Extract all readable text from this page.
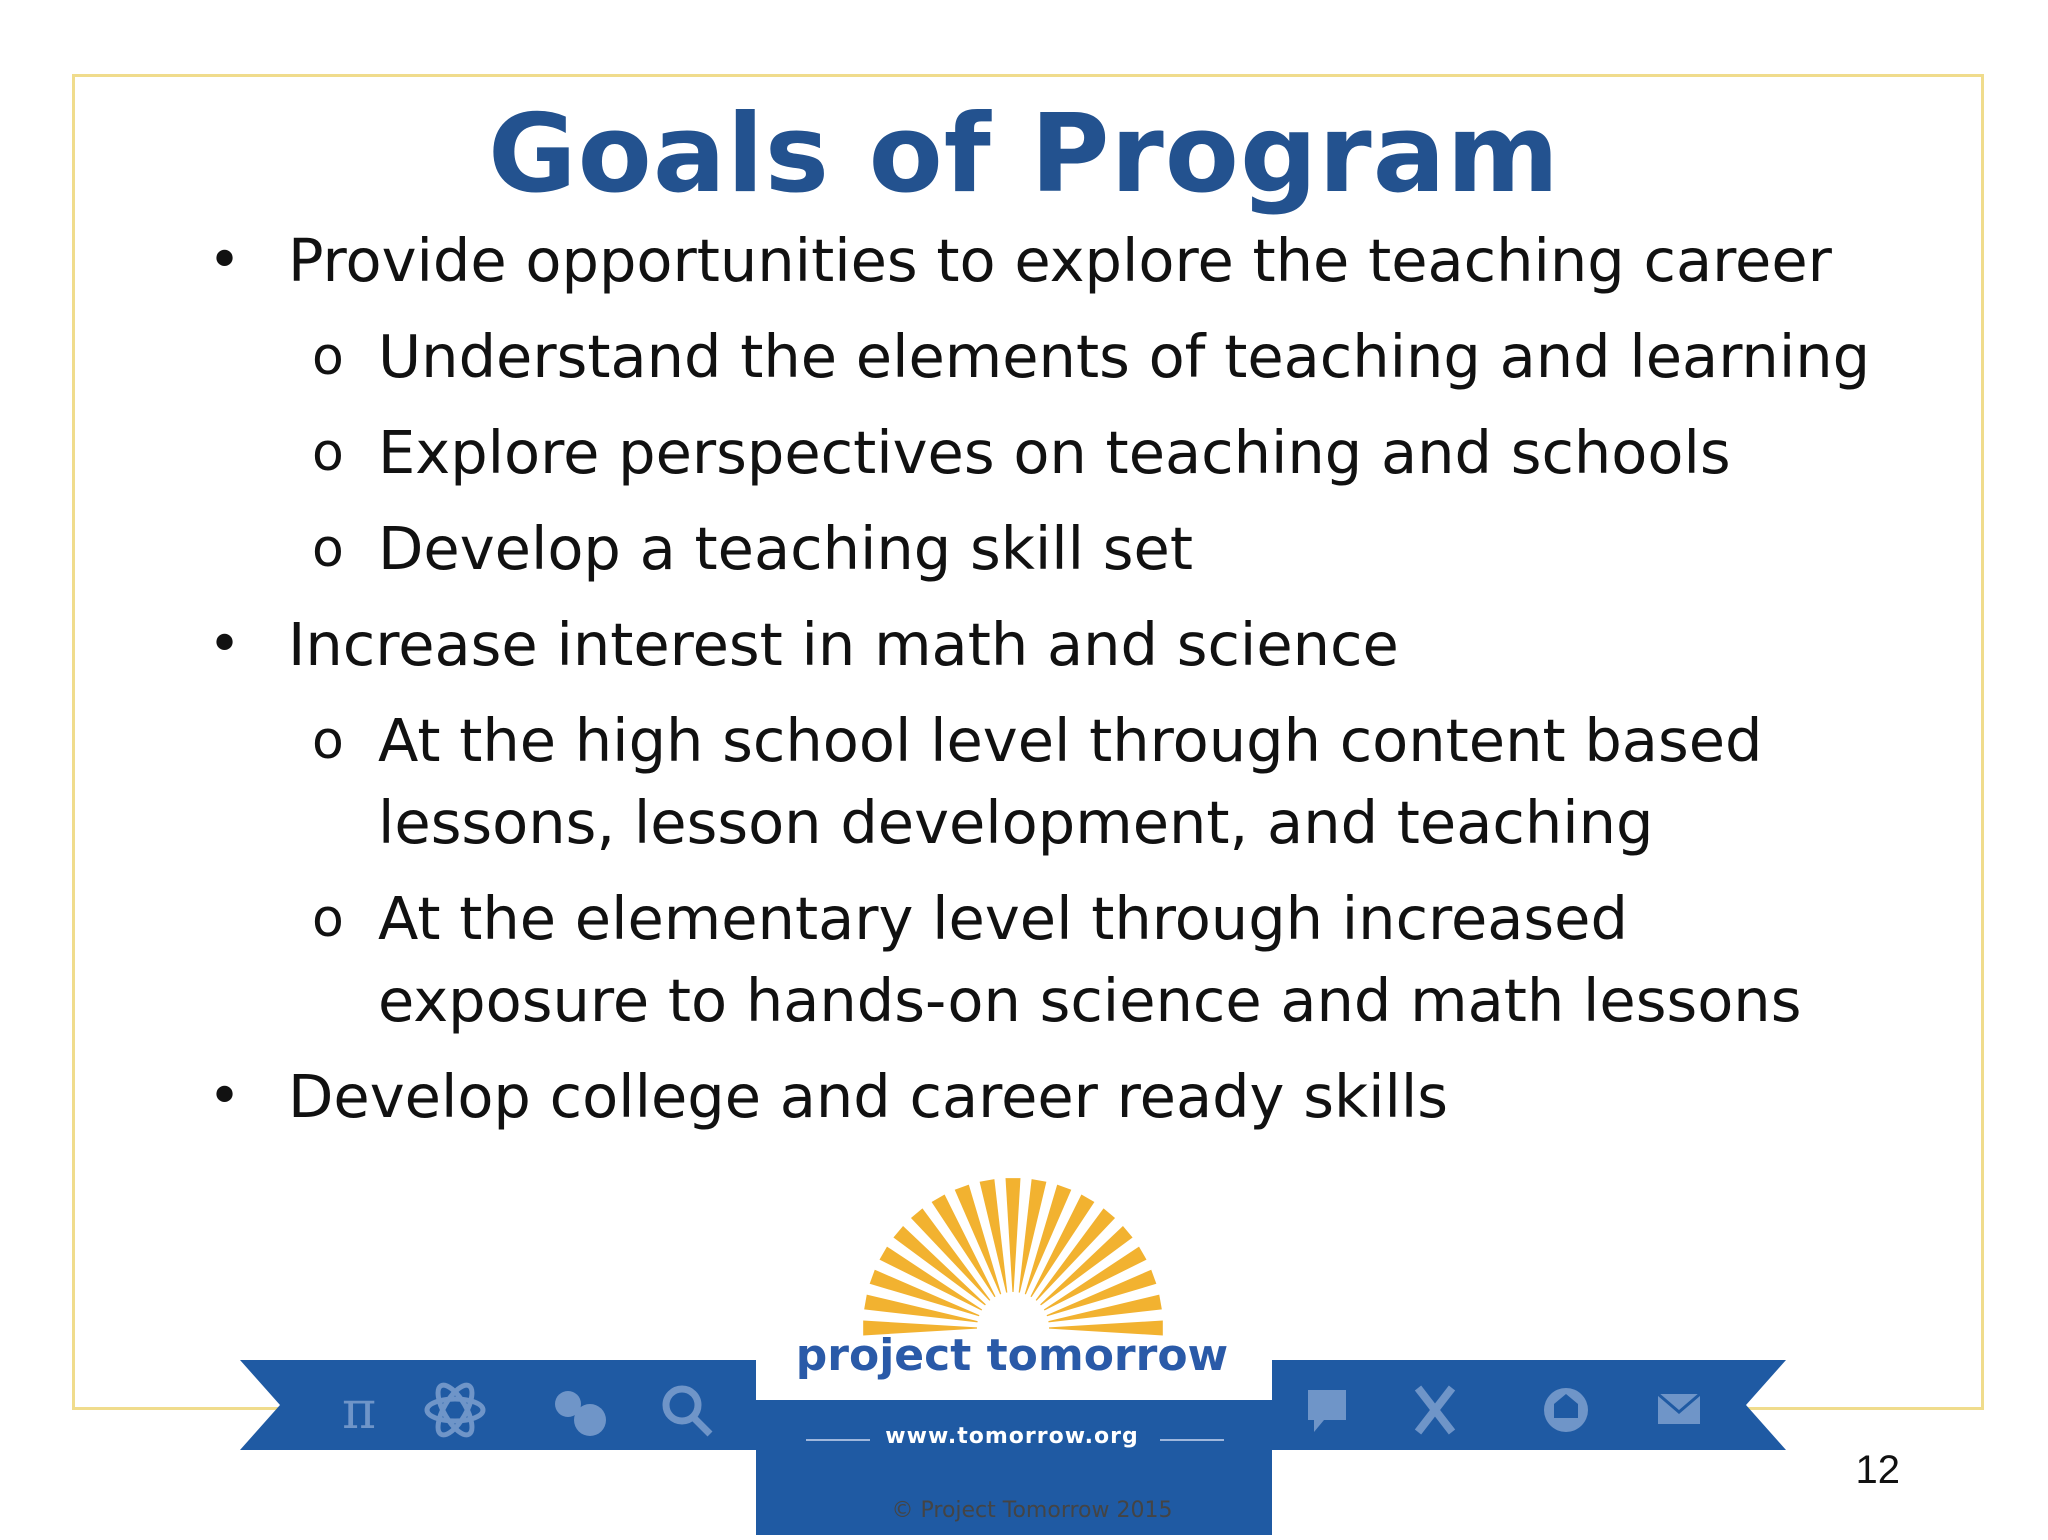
Goals of Program
• Provide opportunities to explore the teaching career
o Understand the elements of teaching and learning
o Explore perspectives on teaching and schools
o Develop a teaching skill set
• Increase interest in math and science
o At the high school level through content based lessons, lesson development, and teaching
o At the elementary level through increased exposure to hands-on science and math lessons
• Develop college and career ready skills
π
project tomorrow
www.tomorrow.org
© Project Tomorrow 2015
12
